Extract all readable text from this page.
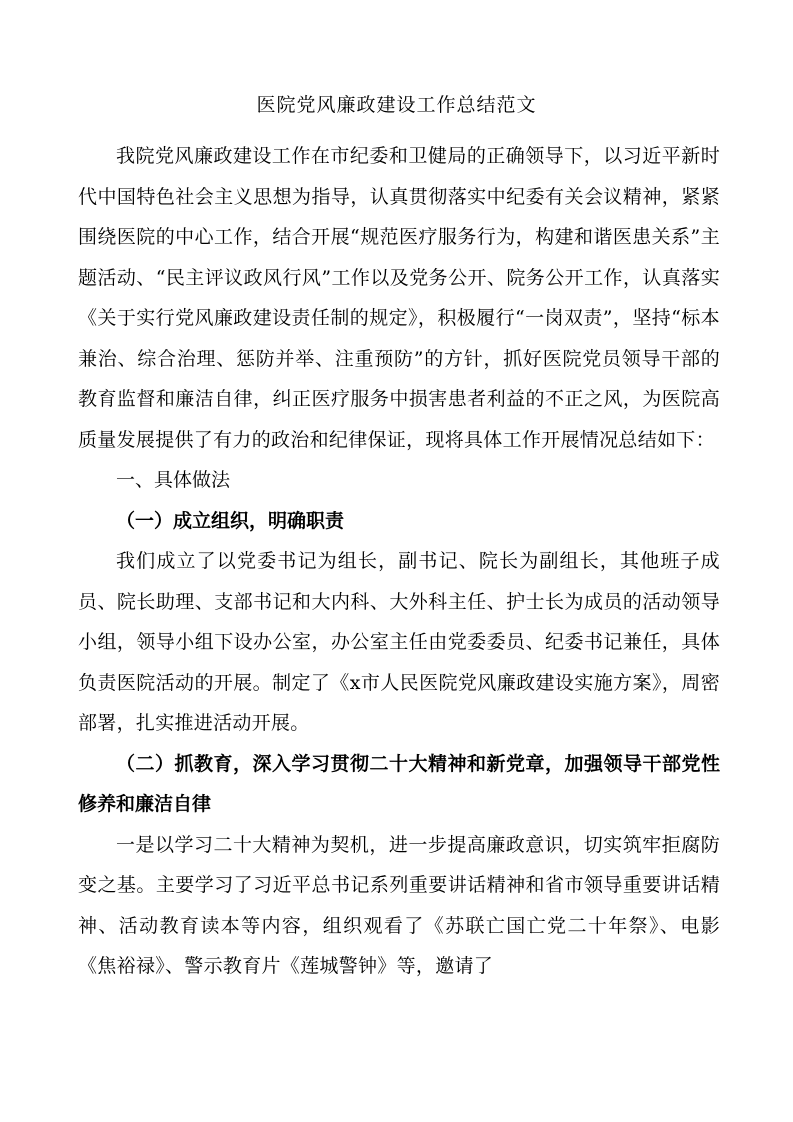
医院党风廉政建设工作总结范文

我院党风廉政建设工作在市纪委和卫健局的正确领导下，以习近平新时代中国特色社会主义思想为指导，认真贯彻落实中纪委有关会议精神，紧紧围绕医院的中心工作，结合开展“规范医疗服务行为，构建和谐医患关系”主题活动、“民主评议政风行风”工作以及党务公开、院务公开工作，认真落实《关于实行党风廉政建设责任制的规定》，积极履行“一岗双责”，坚持“标本兼治、综合治理、惩防并举、注重预防”的方针，抓好医院党员领导干部的教育监督和廉洁自律，纠正医疗服务中损害患者利益的不正之风，为医院高质量发展提供了有力的政治和纪律保证，现将具体工作开展情况总结如下：

一、具体做法

（一）成立组织，明确职责

我们成立了以党委书记为组长，副书记、院长为副组长，其他班子成员、院长助理、支部书记和大内科、大外科主任、护士长为成员的活动领导小组，领导小组下设办公室，办公室主任由党委委员、纪委书记兼任，具体负责医院活动的开展。制定了《x市人民医院党风廉政建设实施方案》，周密部署，扎实推进活动开展。

（二）抓教育，深入学习贯彻二十大精神和新党章，加强领导干部党性修养和廉洁自律

一是以学习二十大精神为契机，进一步提高廉政意识，切实筑牢拒腐防变之基。主要学习了习近平总书记系列重要讲话精神和省市领导重要讲话精神、活动教育读本等内容，组织观看了《苏联亡国亡党二十年祭》、电影《焦裕禄》、警示教育片《莲城警钟》等，邀请了
